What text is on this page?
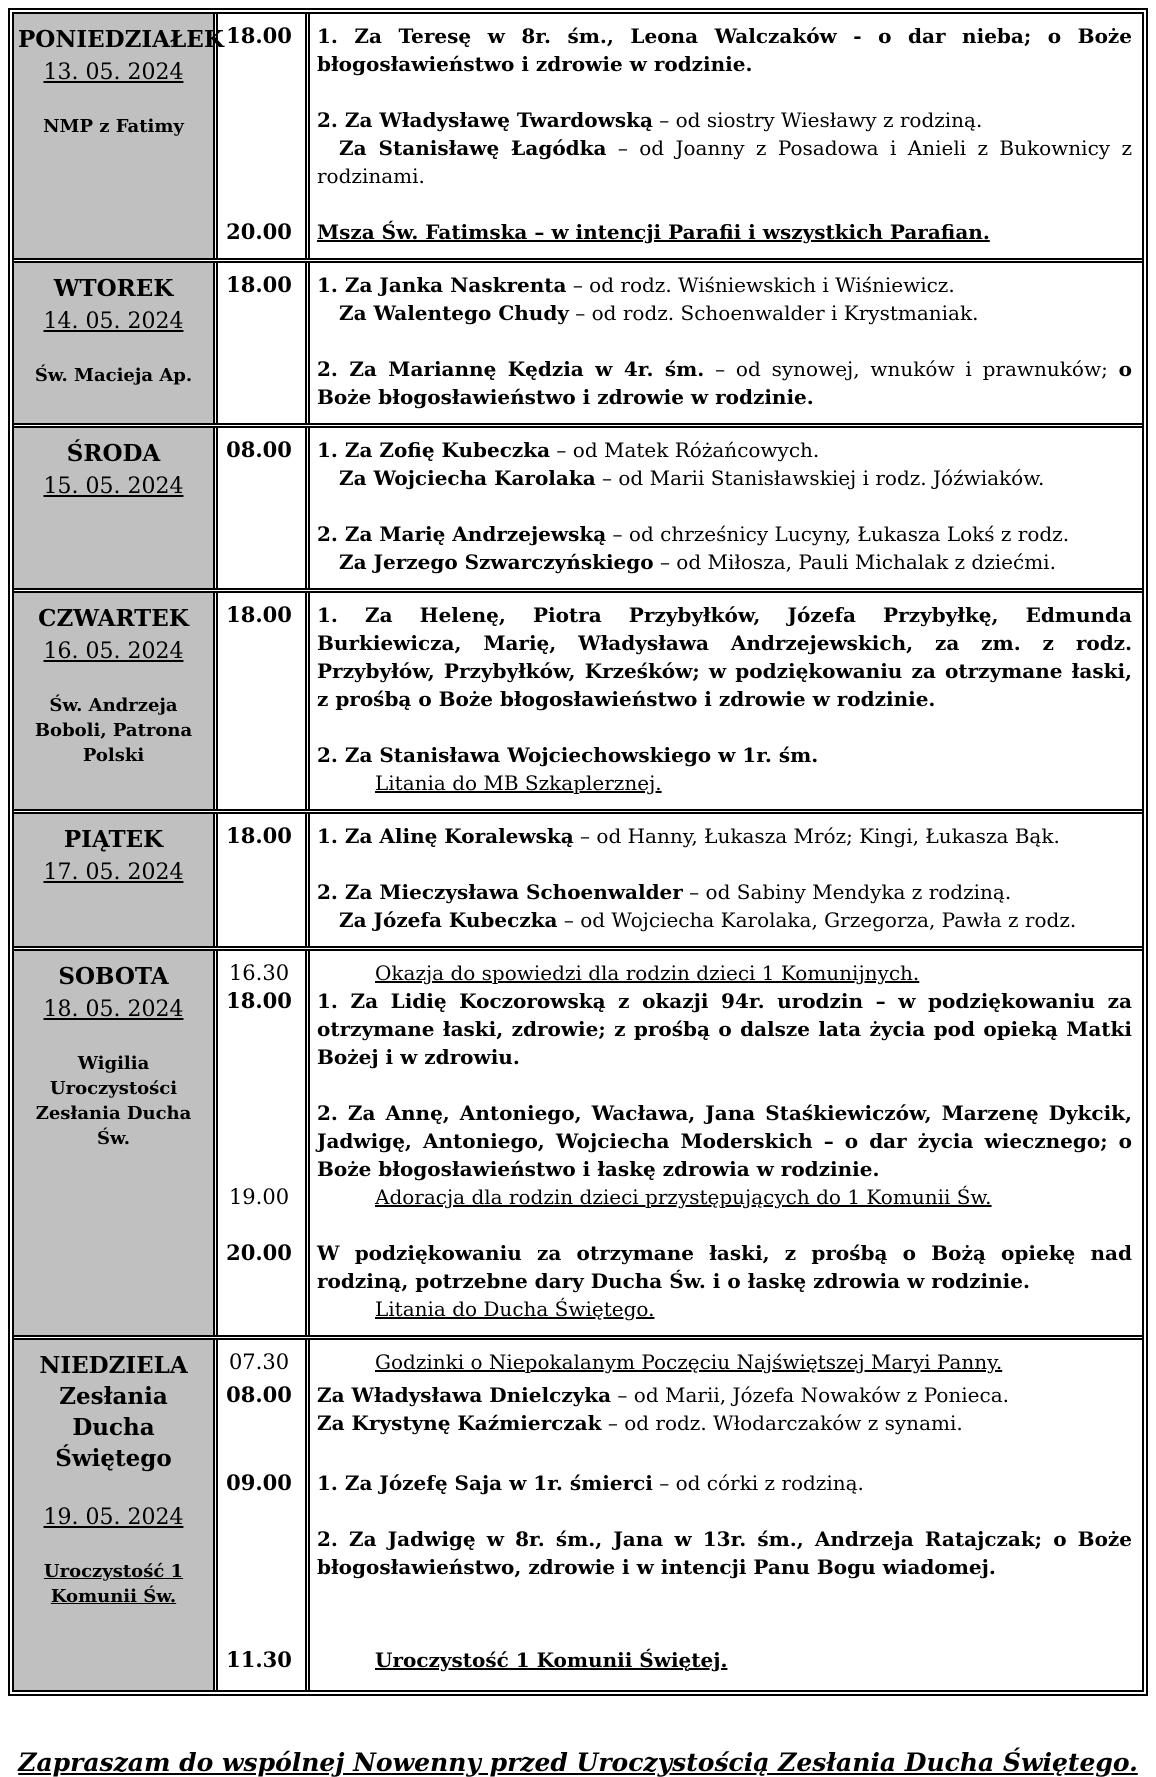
PONIEDZIAŁEK
13. 05. 2024
NMP z Fatimy
18.00	1. Za Teresę w 8r. śm., Leona Walczaków - o dar nieba; o Boże błogosławieństwo i zdrowie w rodzinie.

2. Za Władysławę Twardowską – od siostry Wiesławy z rodziną.

Za Stanisławę Łagódka – od Joanny z Posadowa i Anieli z Bukownicy z rodzinami.

20.00	Msza Św. Fatimska – w intencji Parafii i wszystkich Parafian.

WTOREK
14. 05. 2024
Św. Macieja Ap.
18.00	1. Za Janka Naskrenta – od rodz. Wiśniewskich i Wiśniewicz.

Za Walentego Chudy – od rodz. Schoenwalder i Krystmaniak.

2. Za Mariannę Kędzia w 4r. śm. – od synowej, wnuków i prawnuków; o Boże błogosławieństwo i zdrowie w rodzinie.

ŚRODA
15. 05. 2024
08.00	1. Za Zofię Kubeczka – od Matek Różańcowych.

Za Wojciecha Karolaka – od Marii Stanisławskiej i rodz. Jóźwiaków.

2. Za Marię Andrzejewską – od chrześnicy Lucyny, Łukasza Lokś z rodz.

Za Jerzego Szwarczyńskiego – od Miłosza, Pauli Michalak z dziećmi.

CZWARTEK
16. 05. 2024
Św. Andrzeja Boboli, Patrona Polski
18.00	1. Za Helenę, Piotra Przybyłków, Józefa Przybyłkę, Edmunda Burkiewicza, Marię, Władysława Andrzejewskich, za zm. z rodz. Przybyłów, Przybyłków, Krześków; w podziękowaniu za otrzymane łaski, z prośbą o Boże błogosławieństwo i zdrowie w rodzinie.

2. Za Stanisława Wojciechowskiego w 1r. śm.

Litania do MB Szkaplerznej.

PIĄTEK
17. 05. 2024
18.00	1. Za Alinę Koralewską – od Hanny, Łukasza Mróz; Kingi, Łukasza Bąk.

2. Za Mieczysława Schoenwalder – od Sabiny Mendyka z rodziną.

Za Józefa Kubeczka – od Wojciecha Karolaka, Grzegorza, Pawła z rodz.

SOBOTA
18. 05. 2024
Wigilia Uroczystości Zesłania Ducha Św.
16.30	Okazja do spowiedzi dla rodzin dzieci 1 Komunijnych.

18.00	1. Za Lidię Koczorowską z okazji 94r. urodzin – w podziękowaniu za otrzymane łaski, zdrowie; z prośbą o dalsze lata życia pod opieką Matki Bożej i w zdrowiu.

2. Za Annę, Antoniego, Wacława, Jana Staśkiewiczów, Marzenę Dykcik, Jadwigę, Antoniego, Wojciecha Moderskich – o dar życia wiecznego; o Boże błogosławieństwo i łaskę zdrowia w rodzinie.

19.00	Adoracja dla rodzin dzieci przystępujących do 1 Komunii Św.

20.00	W podziękowaniu za otrzymane łaski, z prośbą o Bożą opiekę nad rodziną, potrzebne dary Ducha Św. i o łaskę zdrowia w rodzinie.

Litania do Ducha Świętego.

NIEDZIELA
Zesłania Ducha Świętego
19. 05. 2024
Uroczystość 1 Komunii Św.
07.30	Godzinki o Niepokalanym Poczęciu Najświętszej Maryi Panny.

08.00	Za Władysława Dnielczyka – od Marii, Józefa Nowaków z Ponieca.

Za Krystynę Kaźmierczak – od rodz. Włodarczaków z synami.

09.00	1. Za Józefę Saja w 1r. śmierci – od córki z rodziną.

2. Za Jadwigę w 8r. śm., Jana w 13r. śm., Andrzeja Ratajczak; o Boże błogosławieństwo, zdrowie i w intencji Panu Bogu wiadomej.

11.30	Uroczystość 1 Komunii Świętej.

Zapraszam do wspólnej Nowenny przed Uroczystością Zesłania Ducha Świętego.
